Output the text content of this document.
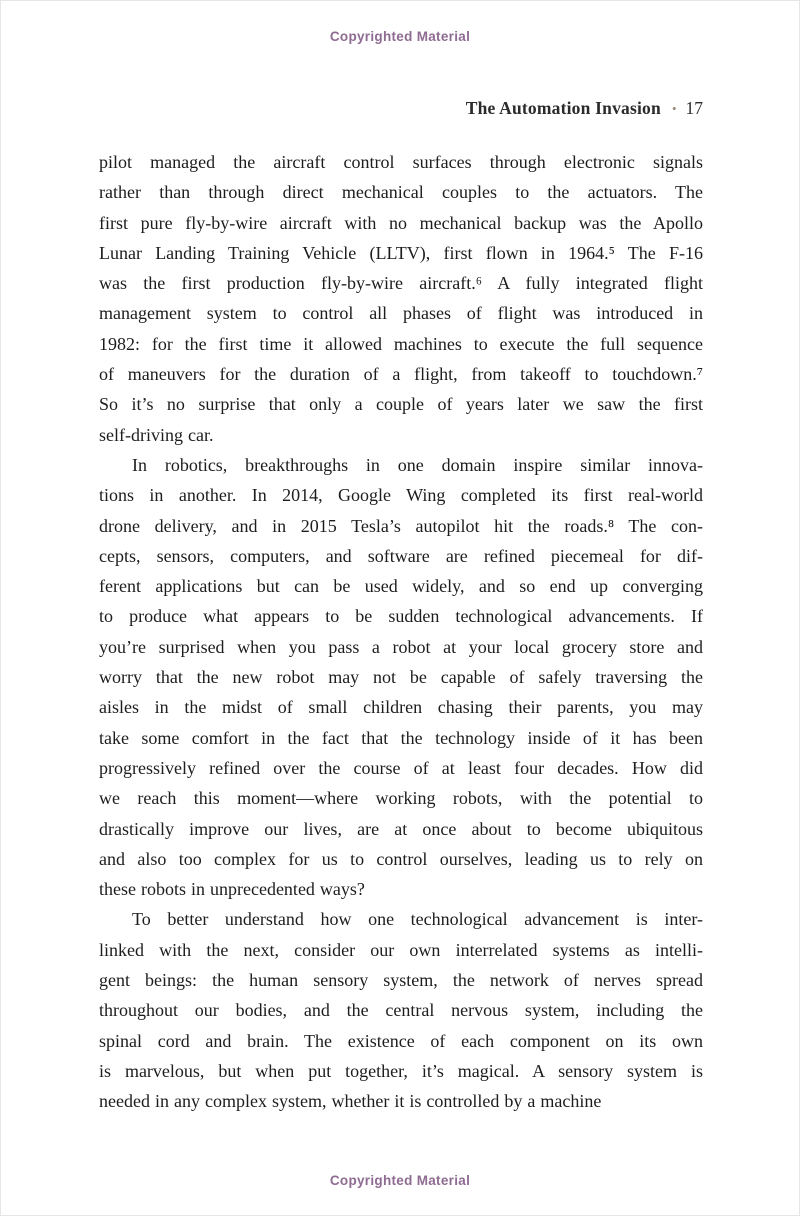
Copyrighted Material
The Automation Invasion • 17
pilot managed the aircraft control surfaces through electronic signals
rather than through direct mechanical couples to the actuators. The
first pure fly-by-wire aircraft with no mechanical backup was the Apollo
Lunar Landing Training Vehicle (LLTV), first flown in 1964.⁵ The F-16
was the first production fly-by-wire aircraft.⁶ A fully integrated flight
management system to control all phases of flight was introduced in
1982: for the first time it allowed machines to execute the full sequence
of maneuvers for the duration of a flight, from takeoff to touchdown.⁷
So it’s no surprise that only a couple of years later we saw the first
self-driving car.
In robotics, breakthroughs in one domain inspire similar innova-
tions in another. In 2014, Google Wing completed its first real-world
drone delivery, and in 2015 Tesla’s autopilot hit the roads.⁸ The con-
cepts, sensors, computers, and software are refined piecemeal for dif-
ferent applications but can be used widely, and so end up converging
to produce what appears to be sudden technological advancements. If
you’re surprised when you pass a robot at your local grocery store and
worry that the new robot may not be capable of safely traversing the
aisles in the midst of small children chasing their parents, you may
take some comfort in the fact that the technology inside of it has been
progressively refined over the course of at least four decades. How did
we reach this moment—where working robots, with the potential to
drastically improve our lives, are at once about to become ubiquitous
and also too complex for us to control ourselves, leading us to rely on
these robots in unprecedented ways?
To better understand how one technological advancement is inter-
linked with the next, consider our own interrelated systems as intelli-
gent beings: the human sensory system, the network of nerves spread
throughout our bodies, and the central nervous system, including the
spinal cord and brain. The existence of each component on its own
is marvelous, but when put together, it’s magical. A sensory system is
needed in any complex system, whether it is controlled by a machine
Copyrighted Material
